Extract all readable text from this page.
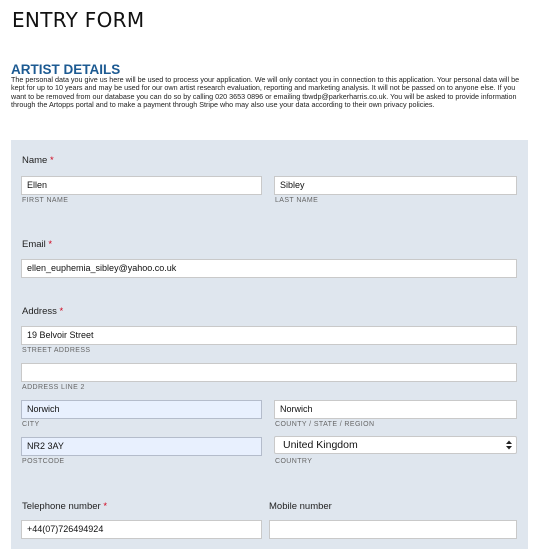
ENTRY FORM
ARTIST DETAILS
The personal data you give us here will be used to process your application. We will only contact you in connection to this application. Your personal data will be kept for up to 10 years and may be used for our own artist research evaluation, reporting and marketing analysis. It will not be passed on to anyone else. If you want to be removed from our database you can do so by calling 020 3653 0896 or emailing tbwdp@parkerharris.co.uk. You will be asked to provide information through the Artopps portal and to make a payment through Stripe who may also use your data according to their own privacy policies.
Name *
Ellen
FIRST NAME
Sibley
LAST NAME
Email *
ellen_euphemia_sibley@yahoo.co.uk
Address *
19 Belvoir Street
STREET ADDRESS
ADDRESS LINE 2
Norwich
CITY
Norwich
COUNTY / STATE / REGION
NR2 3AY
POSTCODE
United Kingdom
COUNTRY
Telephone number *
+44(07)726494924
Mobile number
